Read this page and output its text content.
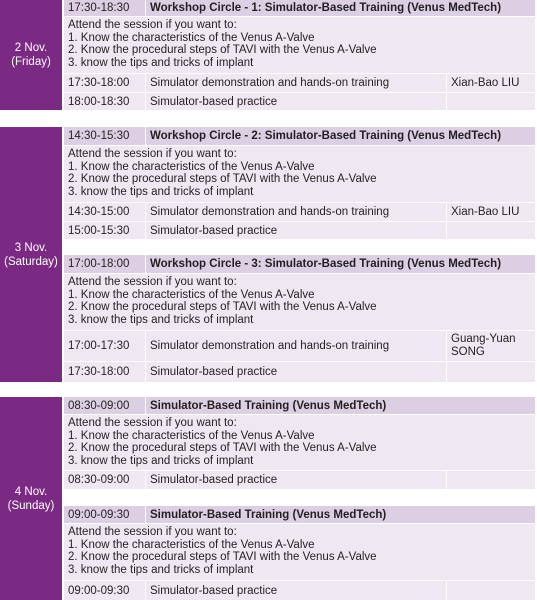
2 Nov.
(Friday)
17:30-18:30	Workshop Circle - 1: Simulator-Based Training (Venus MedTech)
Attend the session if you want to:
1. Know the characteristics of the Venus A-Valve
2. Know the procedural steps of TAVI with the Venus A-Valve
3. know the tips and tricks of implant
17:30-18:00	Simulator demonstration and hands-on training	Xian-Bao LIU
18:00-18:30	Simulator-based practice
3 Nov.
(Saturday)
14:30-15:30	Workshop Circle - 2: Simulator-Based Training (Venus MedTech)
Attend the session if you want to:
1. Know the characteristics of the Venus A-Valve
2. Know the procedural steps of TAVI with the Venus A-Valve
3. know the tips and tricks of implant
14:30-15:00	Simulator demonstration and hands-on training	Xian-Bao LIU
15:00-15:30	Simulator-based practice
17:00-18:00	Workshop Circle - 3: Simulator-Based Training (Venus MedTech)
Attend the session if you want to:
1. Know the characteristics of the Venus A-Valve
2. Know the procedural steps of TAVI with the Venus A-Valve
3. know the tips and tricks of implant
17:00-17:30	Simulator demonstration and hands-on training
Guang-Yuan
SONG
17:30-18:00	Simulator-based practice
4 Nov.
(Sunday)
08:30-09:00	Simulator-Based Training (Venus MedTech)
Attend the session if you want to:
1. Know the characteristics of the Venus A-Valve
2. Know the procedural steps of TAVI with the Venus A-Valve
3. know the tips and tricks of implant
08:30-09:00	Simulator-based practice
09:00-09:30	Simulator-Based Training (Venus MedTech)
Attend the session if you want to:
1. Know the characteristics of the Venus A-Valve
2. Know the procedural steps of TAVI with the Venus A-Valve
3. know the tips and tricks of implant
09:00-09:30	Simulator-based practice
